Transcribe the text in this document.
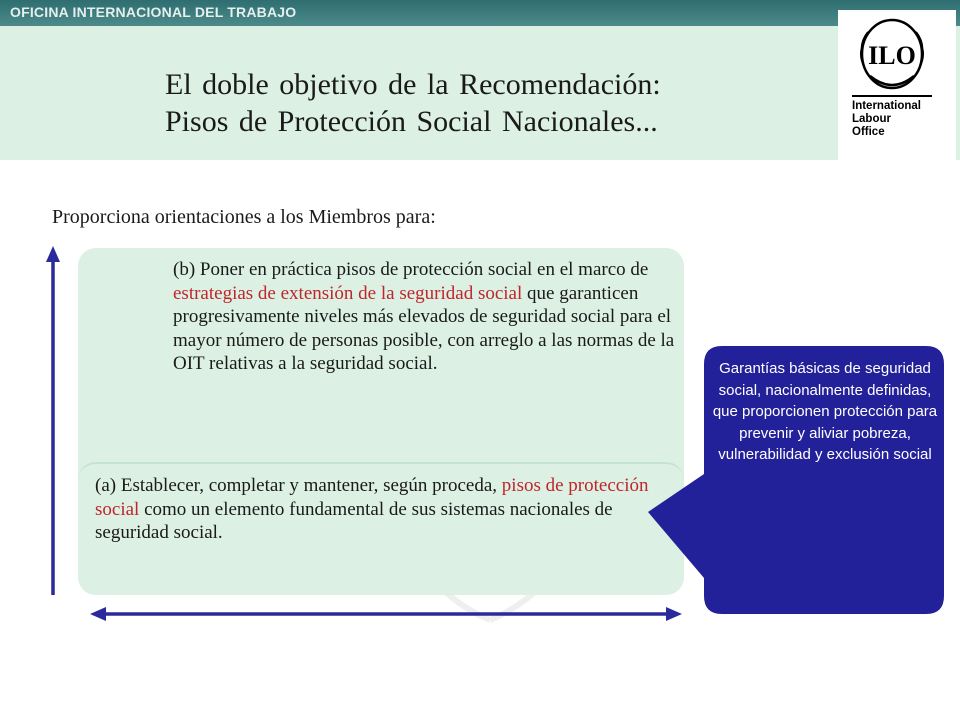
OFICINA INTERNACIONAL DEL TRABAJO
El doble objetivo de la Recomendación:
Pisos de Protección Social Nacionales...
ILO
International
Labour
Office
Proporciona orientaciones a los Miembros para:
(b) Poner en práctica pisos de protección social en el marco de estrategias de extensión de la seguridad social que garanticen progresivamente niveles más elevados de seguridad social para el mayor número de personas posible, con arreglo a las normas de la OIT relativas a la seguridad social.
(a) Establecer, completar y mantener, según proceda, pisos de protección social como un elemento fundamental de sus sistemas nacionales de seguridad social.
Garantías básicas de seguridad social, nacionalmente definidas, que proporcionen protección para prevenir y aliviar pobreza, vulnerabilidad y exclusión social
